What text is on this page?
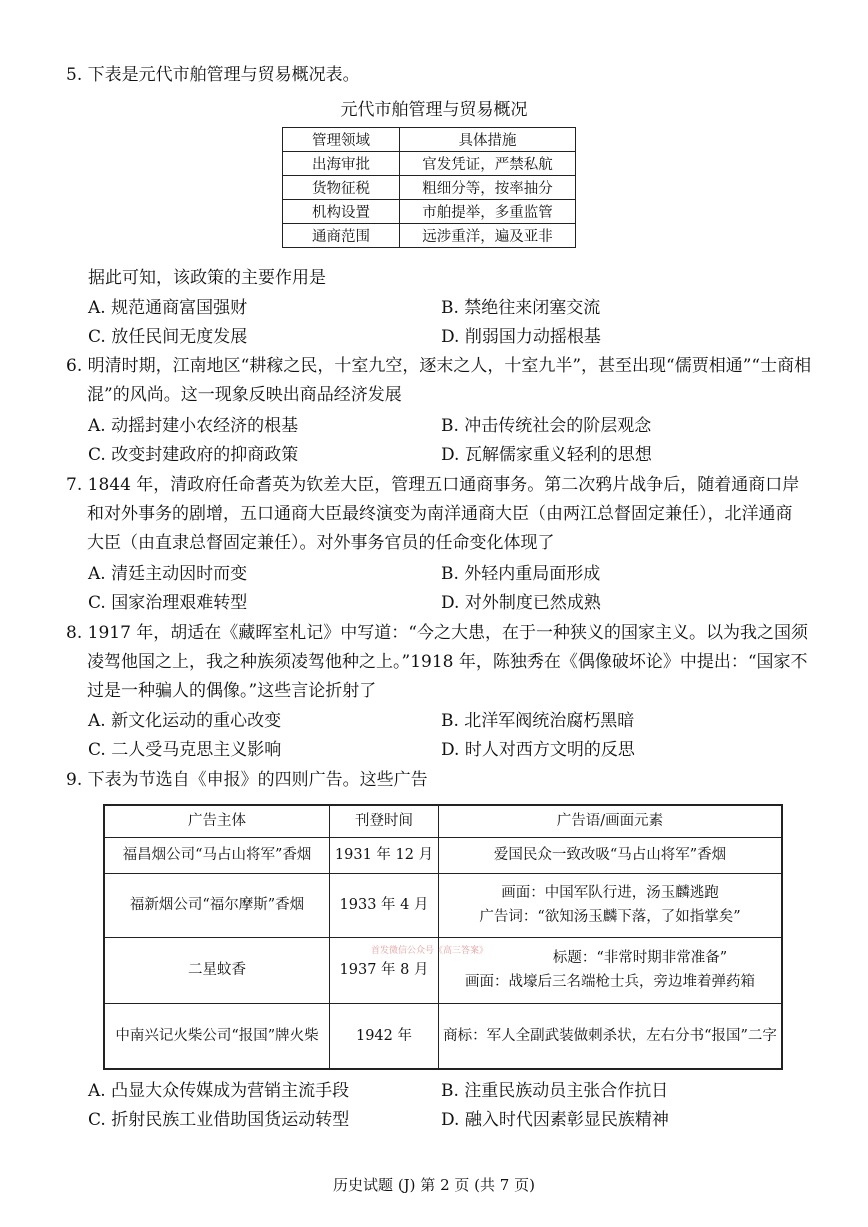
5. 下表是元代市舶管理与贸易概况表。
元代市舶管理与贸易概况
管理领域	具体措施
出海审批	官发凭证，严禁私航
货物征税	粗细分等，按率抽分
机构设置	市舶提举，多重监管
通商范围	远涉重洋，遍及亚非
据此可知，该政策的主要作用是
A. 规范通商富国强财	B. 禁绝往来闭塞交流
C. 放任民间无度发展	D. 削弱国力动摇根基
6. 明清时期，江南地区“耕稼之民，十室九空，逐末之人，十室九半”，甚至出现“儒贾相通”“士商相
混”的风尚。这一现象反映出商品经济发展
A. 动摇封建小农经济的根基	B. 冲击传统社会的阶层观念
C. 改变封建政府的抑商政策	D. 瓦解儒家重义轻利的思想
7. 1844 年，清政府任命耆英为钦差大臣，管理五口通商事务。第二次鸦片战争后，随着通商口岸
和对外事务的剧增，五口通商大臣最终演变为南洋通商大臣（由两江总督固定兼任），北洋通商
大臣（由直隶总督固定兼任）。对外事务官员的任命变化体现了
A. 清廷主动因时而变	B. 外轻内重局面形成
C. 国家治理艰难转型	D. 对外制度已然成熟
8. 1917 年，胡适在《藏晖室札记》中写道：“今之大患，在于一种狭义的国家主义。以为我之国须
凌驾他国之上，我之种族须凌驾他种之上。”1918 年，陈独秀在《偶像破坏论》中提出：“国家不
过是一种骗人的偶像。”这些言论折射了
A. 新文化运动的重心改变	B. 北洋军阀统治腐朽黑暗
C. 二人受马克思主义影响	D. 时人对西方文明的反思
9. 下表为节选自《申报》的四则广告。这些广告
广告主体	刊登时间	广告语/画面元素
福昌烟公司“马占山将军”香烟	1931 年 12 月	爱国民众一致改吸“马占山将军”香烟

福新烟公司“福尔摩斯”香烟	1933 年 4 月	画面：中国军队行进，汤玉麟逃跑
广告词：“欲知汤玉麟下落，了如指掌矣”

二星蚊香	1937 年 8 月	标题：“非常时期非常准备”
画面：战壕后三名端枪士兵，旁边堆着弹药箱

中南兴记火柴公司“报国”牌火柴	1942 年	商标：军人全副武装做刺杀状，左右分书“报国”二字
首发微信公众号《高三答案》
A. 凸显大众传媒成为营销主流手段	B. 注重民族动员主张合作抗日
C. 折射民族工业借助国货运动转型	D. 融入时代因素彰显民族精神
历史试题 (J) 第 2 页 (共 7 页)
